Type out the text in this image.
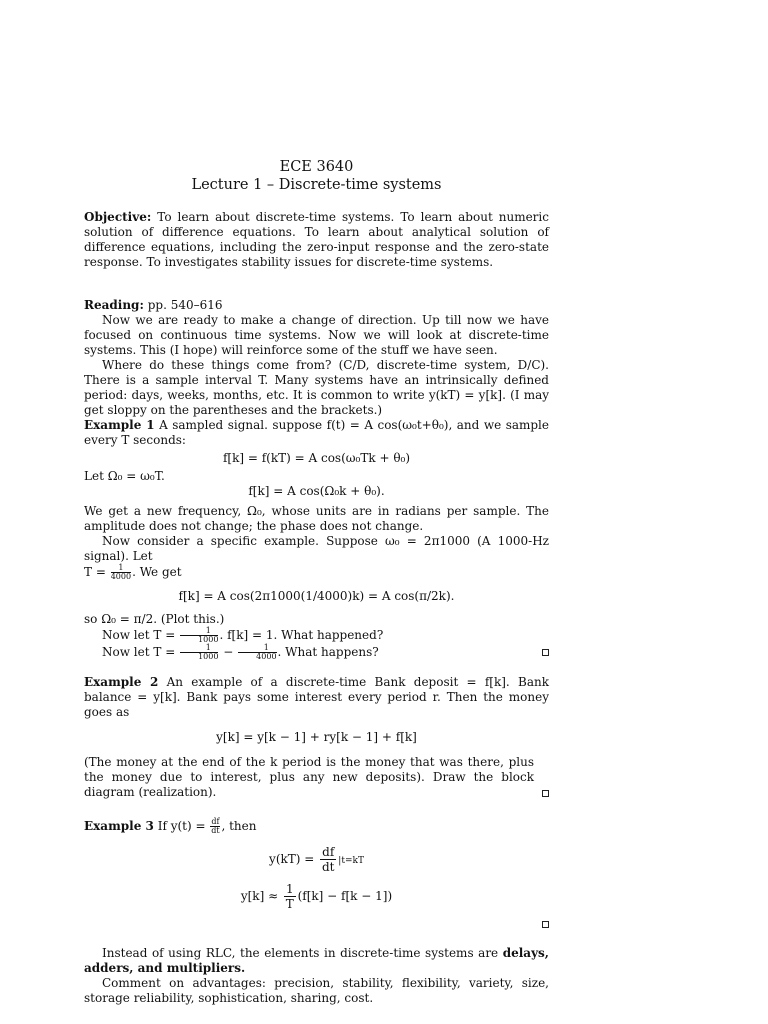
ECE 3640
Lecture 1 – Discrete-time systems

Objective: To learn about discrete-time systems. To learn about numeric solution of difference equations. To learn about analytical solution of difference equations, including the zero-input response and the zero-state response. To investigates stability issues for discrete-time systems.

Reading: pp. 540–616

Now we are ready to make a change of direction. Up till now we have focused on continuous time systems. Now we will look at discrete-time systems. This (I hope) will reinforce some of the stuff we have seen.

Where do these things come from? (C/D, discrete-time system, D/C). There is a sample interval T. Many systems have an intrinsically defined period: days, weeks, months, etc. It is common to write y(kT) = y[k]. (I may get sloppy on the parentheses and the brackets.)

Example 1 A sampled signal. suppose f(t) = A cos(ω₀t+θ₀), and we sample every T seconds:

f[k] = f(kT) = A cos(ω₀Tk + θ₀)

Let Ω₀ = ω₀T.

f[k] = A cos(Ω₀k + θ₀).

We get a new frequency, Ω₀, whose units are in radians per sample. The amplitude does not change; the phase does not change.

Now consider a specific example. Suppose ω₀ = 2π1000 (A 1000-Hz signal). Let

$T = \frac{1}{4000}$ . We get

f[k] = A cos(2π1000(1/4000)k) = A cos(π/2k).

so Ω₀ = π/2. (Plot this.)

Now let $T = \frac{1}{1000}$ . f[k] = 1. What happened?

Now let $T = \frac{1}{1000} - \frac{1}{4000}$ . What happens?

Example 2 An example of a discrete-time Bank deposit = f[k]. Bank balance = y[k]. Bank pays some interest every period r. Then the money goes as

y[k] = y[k − 1] + ry[k − 1] + f[k]

(The money at the end of the k period is the money that was there, plus the money due to interest, plus any new deposits). Draw the block diagram (realization).

Example 3 If $y(t) = \frac{df}{dt}$ , then

$y(kT) = \frac{df}{dt} |t=kT$
$y[k] \approx \frac{1}{T} (f[k] - f[k - 1])$

Instead of using RLC, the elements in discrete-time systems are delays, adders, and multipliers.

Comment on advantages: precision, stability, flexibility, variety, size, storage reliability, sophistication, sharing, cost.
